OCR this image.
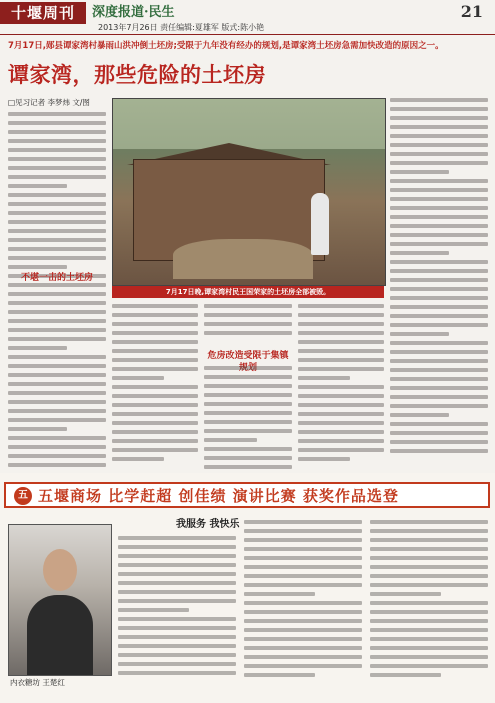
十堰周刊	深度报道·民生	21
2013年7月26日 责任编辑:夏雄军 版式:陈小艳
7月17日,郧县谭家湾村暴雨山洪冲倒土坯房;受限于九年没有经办的规划,是谭家湾土坯房急需加快改造的原因之一。
谭家湾，那些危险的土坯房
□见习记者 李梦炜 文/图
不堪一击的土坯房
危房改造受限于集镇规划
7月17日晚,谭家湾村民王国荣家的土坯房全部被毁。
五 五堰商场 比学赶超 创佳绩 演讲比赛 获奖作品选登
我服务 我快乐
内衣糖坊 王楚红
